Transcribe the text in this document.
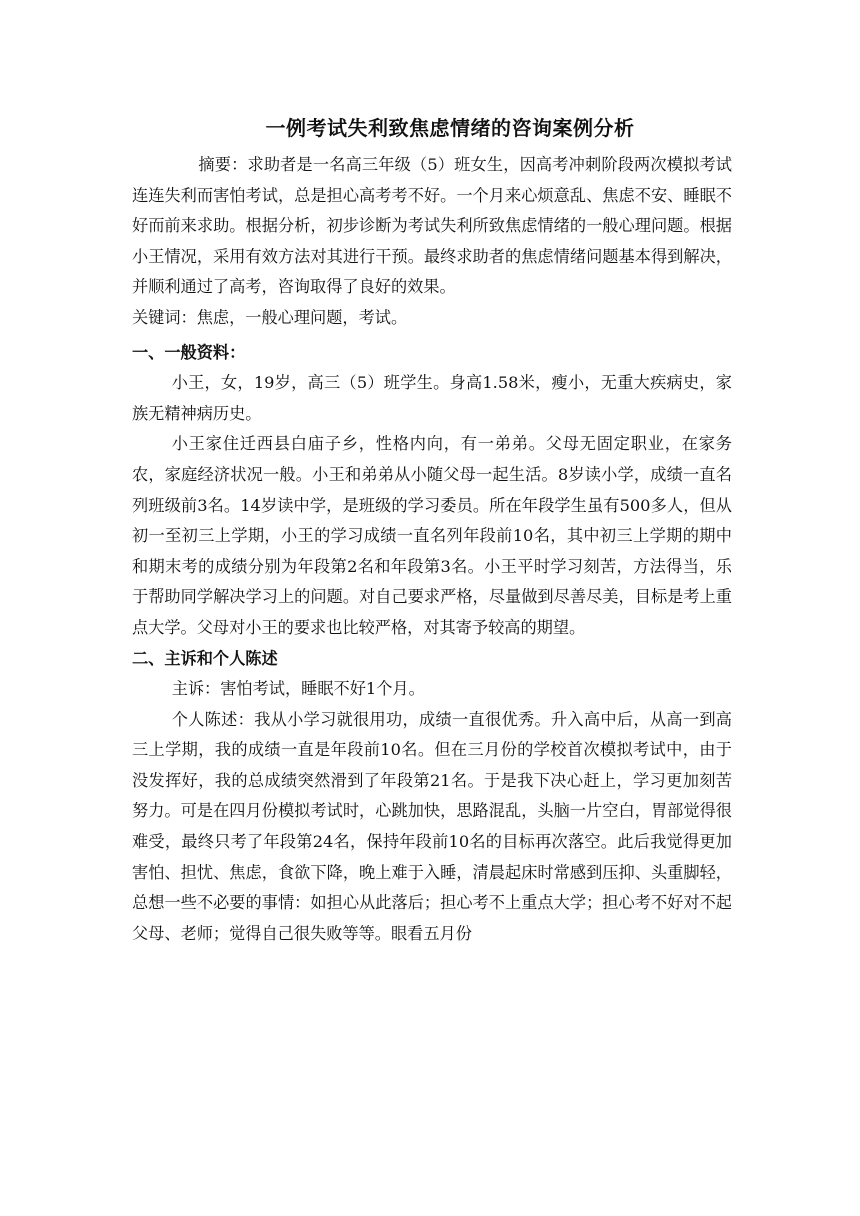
一例考试失利致焦虑情绪的咨询案例分析

摘要：求助者是一名高三年级（5）班女生，因高考冲刺阶段两次模拟考试连连失利而害怕考试，总是担心高考考不好。一个月来心烦意乱、焦虑不安、睡眠不好而前来求助。根据分析，初步诊断为考试失利所致焦虑情绪的一般心理问题。根据小王情况，采用有效方法对其进行干预。最终求助者的焦虑情绪问题基本得到解决，并顺利通过了高考，咨询取得了良好的效果。

关键词：焦虑，一般心理问题，考试。

一、一般资料：

小王，女，19岁，高三（5）班学生。身高1.58米，瘦小，无重大疾病史，家族无精神病历史。

小王家住迁西县白庙子乡，性格内向，有一弟弟。父母无固定职业，在家务农，家庭经济状况一般。小王和弟弟从小随父母一起生活。8岁读小学，成绩一直名列班级前3名。14岁读中学，是班级的学习委员。所在年段学生虽有500多人，但从初一至初三上学期，小王的学习成绩一直名列年段前10名，其中初三上学期的期中和期末考的成绩分别为年段第2名和年段第3名。小王平时学习刻苦，方法得当，乐于帮助同学解决学习上的问题。对自己要求严格，尽量做到尽善尽美，目标是考上重点大学。父母对小王的要求也比较严格，对其寄予较高的期望。

二、主诉和个人陈述

主诉：害怕考试，睡眠不好1个月。

个人陈述：我从小学习就很用功，成绩一直很优秀。升入高中后，从高一到高三上学期，我的成绩一直是年段前10名。但在三月份的学校首次模拟考试中，由于没发挥好，我的总成绩突然滑到了年段第21名。于是我下决心赶上，学习更加刻苦努力。可是在四月份模拟考试时，心跳加快，思路混乱，头脑一片空白，胃部觉得很难受，最终只考了年段第24名，保持年段前10名的目标再次落空。此后我觉得更加害怕、担忧、焦虑，食欲下降，晚上难于入睡，清晨起床时常感到压抑、头重脚轻，总想一些不必要的事情：如担心从此落后；担心考不上重点大学；担心考不好对不起父母、老师；觉得自己很失败等等。眼看五月份
